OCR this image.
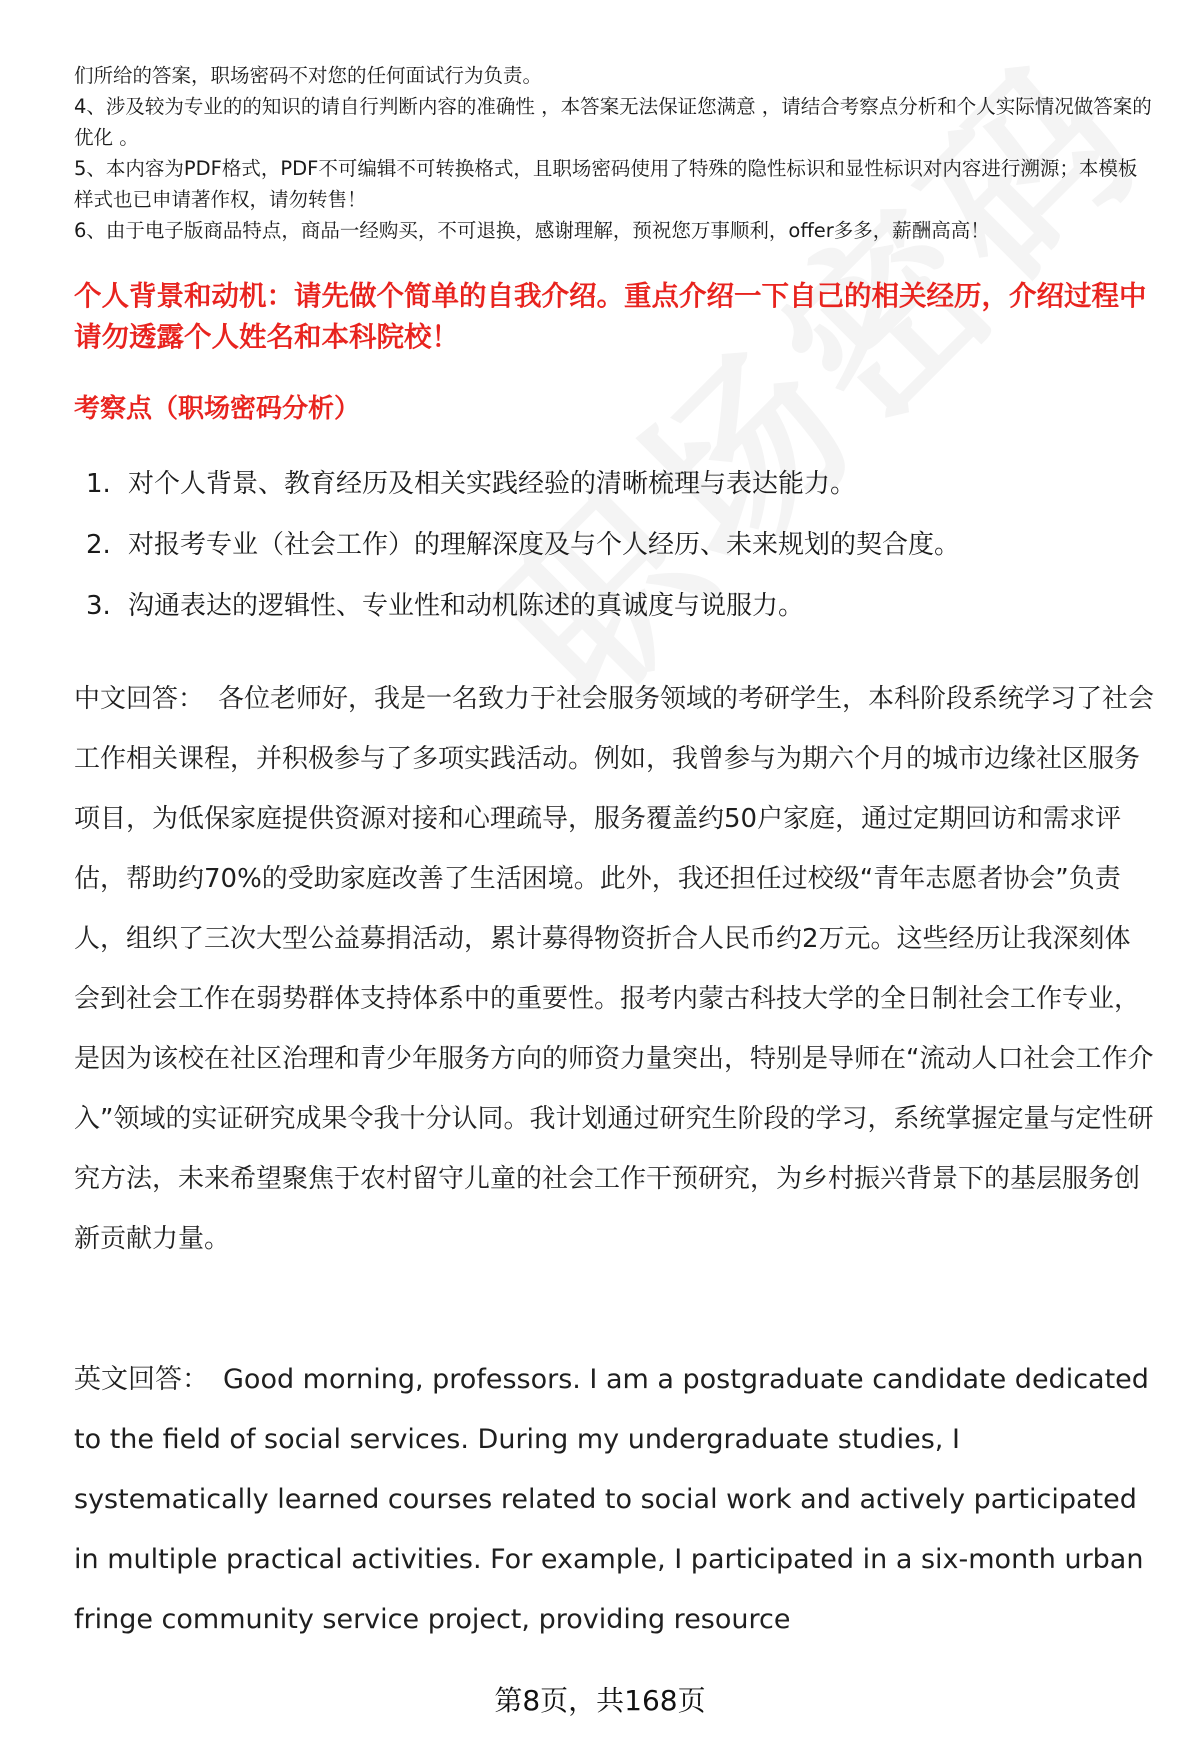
们所给的答案，职场密码不对您的任何面试行为负责。

4、涉及较为专业的的知识的请自行判断内容的准确性 ，本答案无法保证您满意 ，请结合考察点分析和个人实际情况做答案的优化 。

5、本内容为PDF格式，PDF不可编辑不可转换格式，且职场密码使用了特殊的隐性标识和显性标识对内容进行溯源；本模板样式也已申请著作权，请勿转售！

6、由于电子版商品特点，商品一经购买，不可退换，感谢理解，预祝您万事顺利，offer多多，薪酬高高！

个人背景和动机：请先做个简单的自我介绍。重点介绍一下自己的相关经历，介绍过程中请勿透露个人姓名和本科院校！
考察点（职场密码分析）
1. 对个人背景、教育经历及相关实践经验的清晰梳理与表达能力。
2. 对报考专业（社会工作）的理解深度及与个人经历、未来规划的契合度。
3. 沟通表达的逻辑性、专业性和动机陈述的真诚度与说服力。

中文回答： 各位老师好，我是一名致力于社会服务领域的考研学生，本科阶段系统学习了社会工作相关课程，并积极参与了多项实践活动。例如，我曾参与为期六个月的城市边缘社区服务项目，为低保家庭提供资源对接和心理疏导，服务覆盖约50户家庭，通过定期回访和需求评估，帮助约70%的受助家庭改善了生活困境。此外，我还担任过校级“青年志愿者协会”负责人，组织了三次大型公益募捐活动，累计募得物资折合人民币约2万元。这些经历让我深刻体会到社会工作在弱势群体支持体系中的重要性。报考内蒙古科技大学的全日制社会工作专业，是因为该校在社区治理和青少年服务方向的师资力量突出，特别是导师在“流动人口社会工作介入”领域的实证研究成果令我十分认同。我计划通过研究生阶段的学习，系统掌握定量与定性研究方法，未来希望聚焦于农村留守儿童的社会工作干预研究，为乡村振兴背景下的基层服务创新贡献力量。

英文回答： Good morning, professors. I am a postgraduate candidate dedicated to the field of social services. During my undergraduate studies, I systematically learned courses related to social work and actively participated in multiple practical activities. For example, I participated in a six-month urban fringe community service project, providing resource

第8页，共168页
